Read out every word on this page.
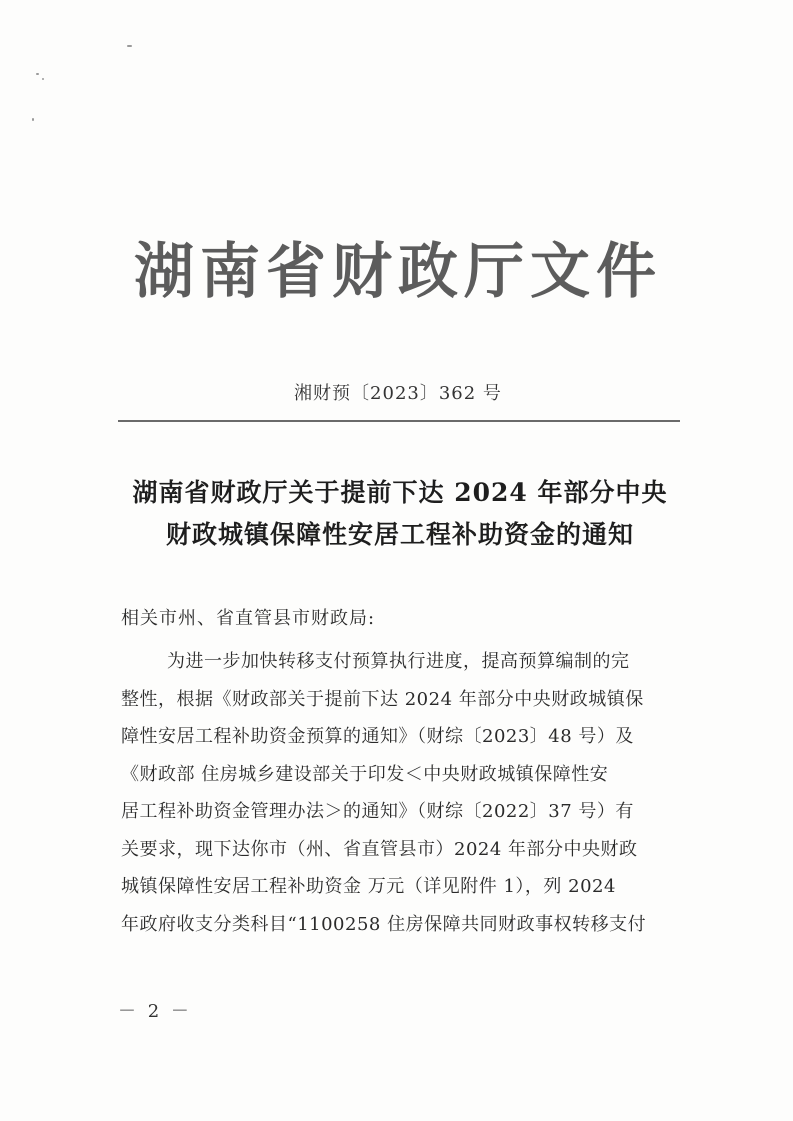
湖南省财政厅文件
湘财预〔2023〕362 号
湖南省财政厅关于提前下达 2024 年部分中央
财政城镇保障性安居工程补助资金的通知
相关市州、省直管县市财政局:
为进一步加快转移支付预算执行进度，提高预算编制的完
整性，根据《财政部关于提前下达 2024 年部分中央财政城镇保
障性安居工程补助资金预算的通知》（财综〔2023〕48 号）及
《财政部 住房城乡建设部关于印发＜中央财政城镇保障性安
居工程补助资金管理办法＞的通知》（财综〔2022〕37 号）有
关要求，现下达你市（州、省直管县市）2024 年部分中央财政
城镇保障性安居工程补助资金 万元（详见附件 1），列 2024
年政府收支分类科目“1100258 住房保障共同财政事权转移支付
－ 2 －
